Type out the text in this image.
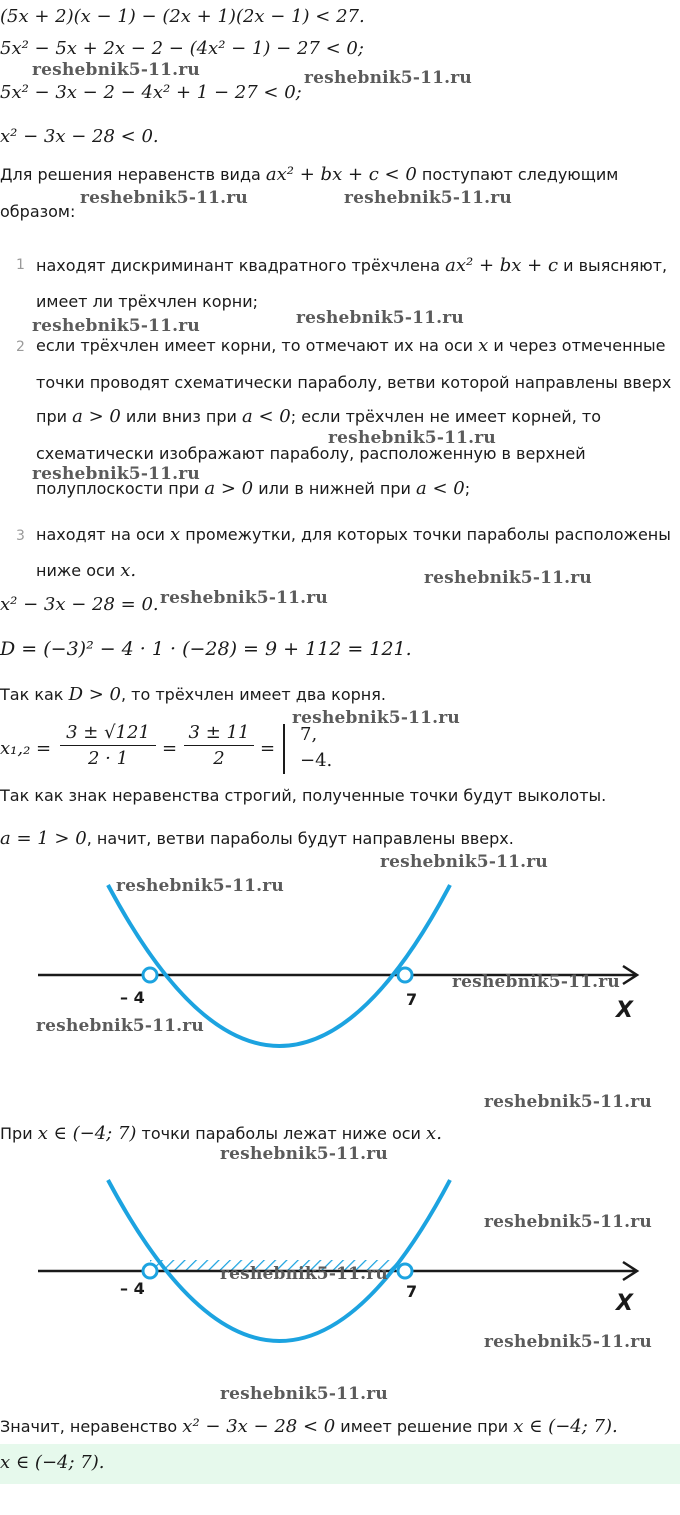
(5x + 2)(x − 1) − (2x + 1)(2x − 1) < 27.
5x² − 5x + 2x − 2 − (4x² − 1) − 27 < 0;
5x² − 3x − 2 − 4x² + 1 − 27 < 0;
x² − 3x − 28 < 0.
Для решения неравенств вида ax² + bx + c < 0 поступают следующим
образом:
1 находят дискриминант квадратного трёхчлена ax² + bx + c и выясняют,
имеет ли трёхчлен корни;
2 если трёхчлен имеет корни, то отмечают их на оси x и через отмеченные
точки проводят схематически параболу, ветви которой направлены вверх
при a > 0 или вниз при a < 0; если трёхчлен не имеет корней, то
схематически изображают параболу, расположенную в верхней
полуплоскости при a > 0 или в нижней при a < 0;
3 находят на оси x промежутки, для которых точки параболы расположены
ниже оси x.
x² − 3x − 28 = 0.
D = (−3)² − 4 · 1 · (−28) = 9 + 112 = 121.
Так как D > 0, то трёхчлен имеет два корня.
x₁,₂ =
3 ± √121
2 · 1	=
3 ± 11
2	=
7,
−4.
Так как знак неравенства строгий, полученные точки будут выколоты.
a = 1 > 0, начит, ветви параболы будут направлены вверх.
– 4	7	X
При x ∈ (−4; 7) точки параболы лежат ниже оси x.
– 4	7	X
Значит, неравенство x² − 3x − 28 < 0 имеет решение при x ∈ (−4; 7).
x ∈ (−4; 7).
reshebnik5-11.ru	reshebnik5-11.ru
reshebnik5-11.ru	reshebnik5-11.ru
reshebnik5-11.ru	reshebnik5-11.ru
reshebnik5-11.ru
reshebnik5-11.ru
reshebnik5-11.ru
reshebnik5-11.ru
reshebnik5-11.ru
reshebnik5-11.ru
reshebnik5-11.ru
reshebnik5-11.ru
reshebnik5-11.ru
reshebnik5-11.ru
reshebnik5-11.ru
reshebnik5-11.ru
reshebnik5-11.ru
reshebnik5-11.ru
reshebnik5-11.ru
